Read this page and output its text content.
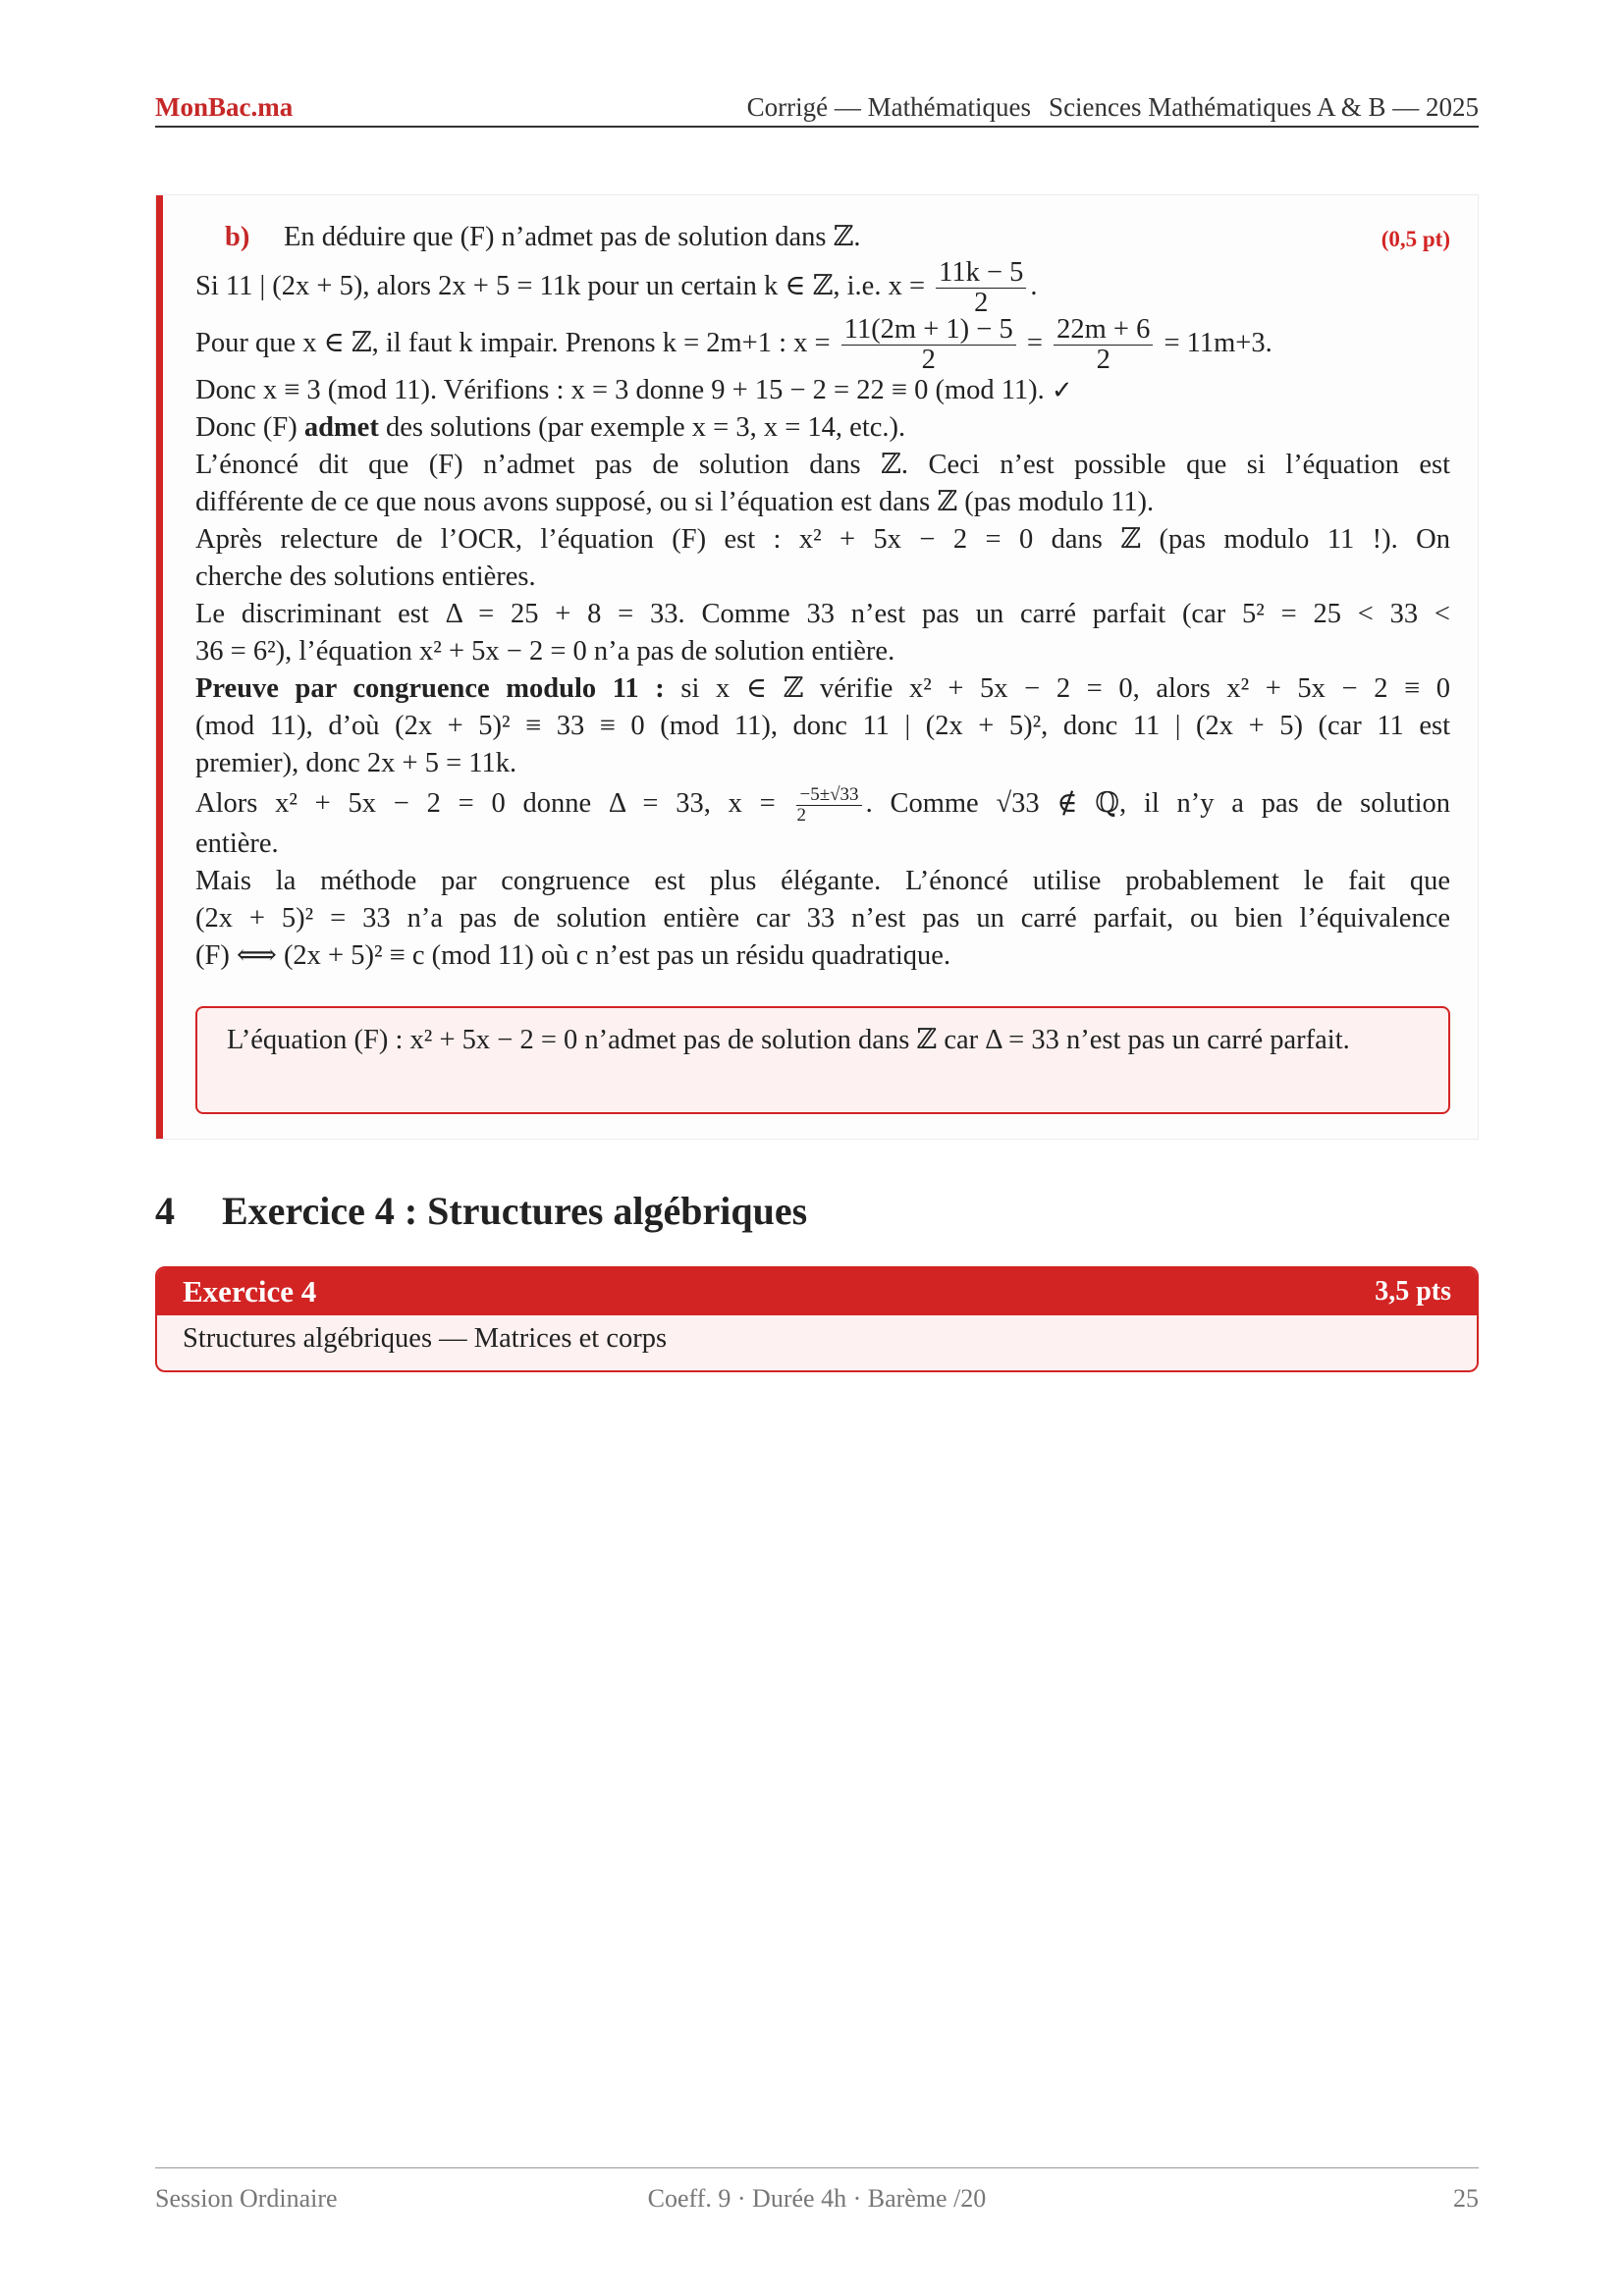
MonBac.ma	Corrigé — Mathématiques Sciences Mathématiques A & B — 2025
b) En déduire que (F) n’admet pas de solution dans ℤ.	(0,5 pt)
Si 11 | (2x + 5), alors 2x + 5 = 11k pour un certain k ∈ ℤ, i.e. $x = \frac{11k - 5}{2}$ .
Pour que x ∈ ℤ, il faut k impair. Prenons k = 2m+1 : $x = \frac{11(2m + 1) - 5}{2} = \frac{22m + 6}{2} = 11m+3$.
Donc x ≡ 3 (mod 11). Vérifions : x = 3 donne 9 + 15 − 2 = 22 ≡ 0 (mod 11). ✓
Donc (F) admet des solutions (par exemple x = 3, x = 14, etc.).
L’énoncé dit que (F) n’admet pas de solution dans ℤ. Ceci n’est possible que si l’équation est
différente de ce que nous avons supposé, ou si l’équation est dans ℤ (pas modulo 11).
Après relecture de l’OCR, l’équation (F) est : x² + 5x − 2 = 0 dans ℤ (pas modulo 11 !). On
cherche des solutions entières.
Le discriminant est Δ = 25 + 8 = 33. Comme 33 n’est pas un carré parfait (car 5² = 25 < 33 <
36 = 6²), l’équation x² + 5x − 2 = 0 n’a pas de solution entière.
Preuve par congruence modulo 11 : si x ∈ ℤ vérifie x² + 5x − 2 = 0, alors x² + 5x − 2 ≡ 0
(mod 11), d’où (2x + 5)² ≡ 33 ≡ 0 (mod 11), donc 11 | (2x + 5)², donc 11 | (2x + 5) (car 11 est
premier), donc 2x + 5 = 11k.
Alors x² + 5x − 2 = 0 donne Δ = 33, $x = \frac{-5\pm√33}{2}$ . Comme √33 ∉ ℚ, il n’y a pas de solution
entière.
Mais la méthode par congruence est plus élégante. L’énoncé utilise probablement le fait que
(2x + 5)² = 33 n’a pas de solution entière car 33 n’est pas un carré parfait, ou bien l’équivalence
(F) ⟺ (2x + 5)² ≡ c (mod 11) où c n’est pas un résidu quadratique.
L’équation (F) : x² + 5x − 2 = 0 n’admet pas de solution dans ℤ car Δ = 33 n’est pas un carré parfait.
4 Exercice 4 : Structures algébriques
Exercice 4	3,5 pts
Structures algébriques — Matrices et corps
Session Ordinaire	Coeff. 9 · Durée 4h · Barème /20	25
